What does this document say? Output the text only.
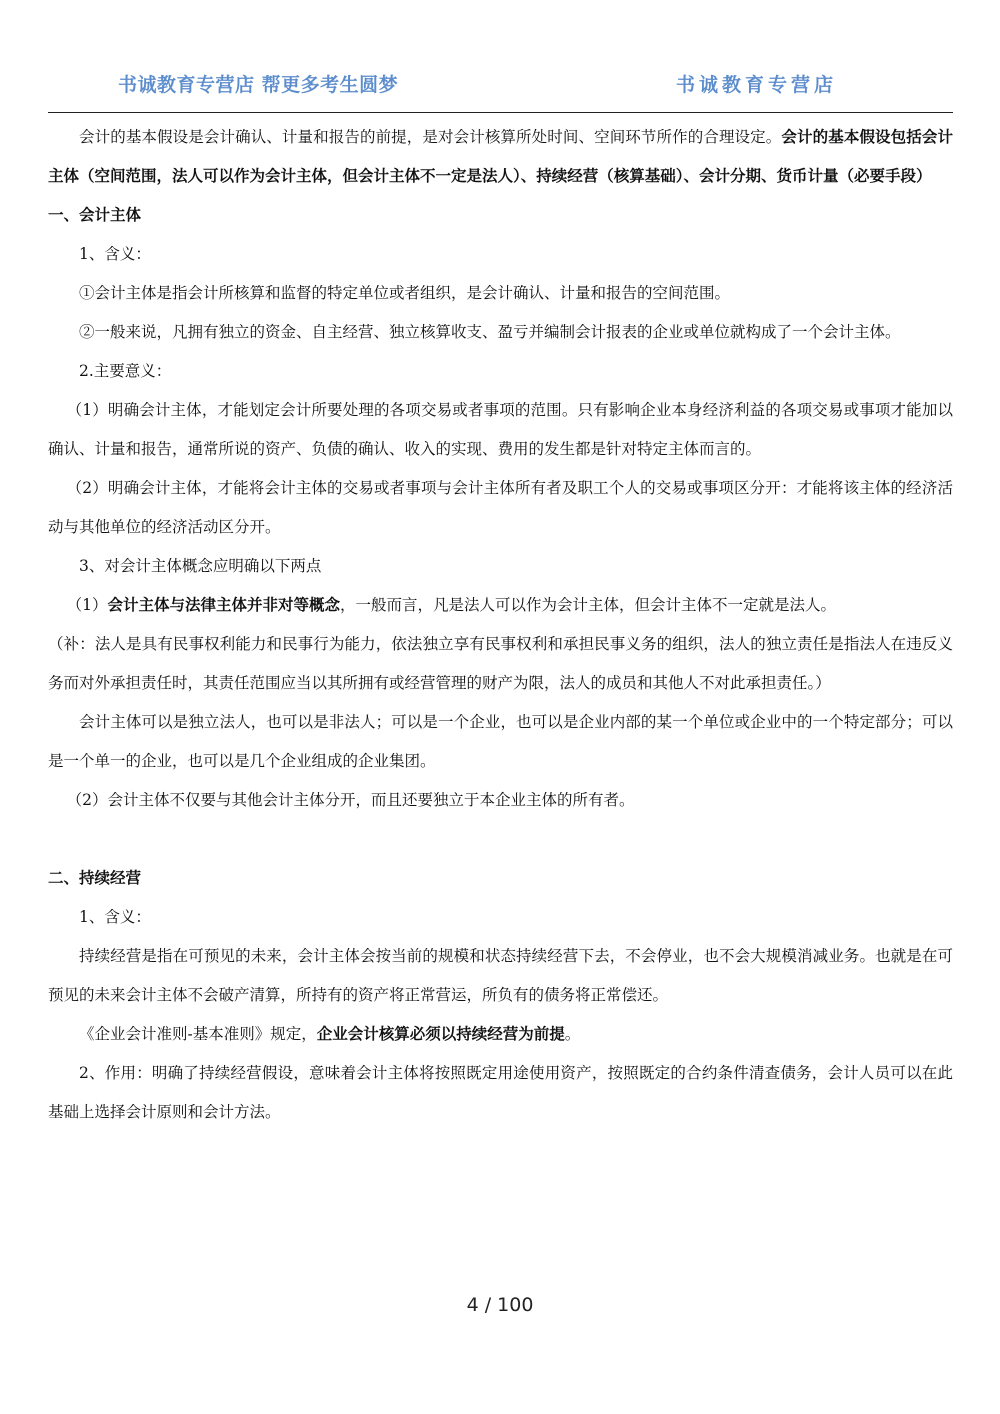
书诚教育专营店 帮更多考生圆梦	书诚教育专营店

会计的基本假设是会计确认、计量和报告的前提，是对会计核算所处时间、空间环节所作的合理设定。会计的基本假设包括会计主体（空间范围，法人可以作为会计主体，但会计主体不一定是法人）、持续经营（核算基础）、会计分期、货币计量（必要手段）

一、会计主体

1、含义：

①会计主体是指会计所核算和监督的特定单位或者组织，是会计确认、计量和报告的空间范围。

②一般来说，凡拥有独立的资金、自主经营、独立核算收支、盈亏并编制会计报表的企业或单位就构成了一个会计主体。

2.主要意义：

（1）明确会计主体，才能划定会计所要处理的各项交易或者事项的范围。只有影响企业本身经济利益的各项交易或事项才能加以确认、计量和报告，通常所说的资产、负债的确认、收入的实现、费用的发生都是针对特定主体而言的。

（2）明确会计主体，才能将会计主体的交易或者事项与会计主体所有者及职工个人的交易或事项区分开：才能将该主体的经济活动与其他单位的经济活动区分开。

3、对会计主体概念应明确以下两点

（1）会计主体与法律主体并非对等概念，一般而言，凡是法人可以作为会计主体，但会计主体不一定就是法人。

（补：法人是具有民事权利能力和民事行为能力，依法独立享有民事权利和承担民事义务的组织，法人的独立责任是指法人在违反义务而对外承担责任时，其责任范围应当以其所拥有或经营管理的财产为限，法人的成员和其他人不对此承担责任。）

会计主体可以是独立法人，也可以是非法人；可以是一个企业，也可以是企业内部的某一个单位或企业中的一个特定部分；可以是一个单一的企业，也可以是几个企业组成的企业集团。

（2）会计主体不仅要与其他会计主体分开，而且还要独立于本企业主体的所有者。

二、持续经营

1、含义：

持续经营是指在可预见的未来，会计主体会按当前的规模和状态持续经营下去，不会停业，也不会大规模消减业务。也就是在可预见的未来会计主体不会破产清算，所持有的资产将正常营运，所负有的债务将正常偿还。

《企业会计准则-基本准则》规定，企业会计核算必须以持续经营为前提。

2、作用：明确了持续经营假设，意味着会计主体将按照既定用途使用资产，按照既定的合约条件清查债务，会计人员可以在此基础上选择会计原则和会计方法。

4 / 100
